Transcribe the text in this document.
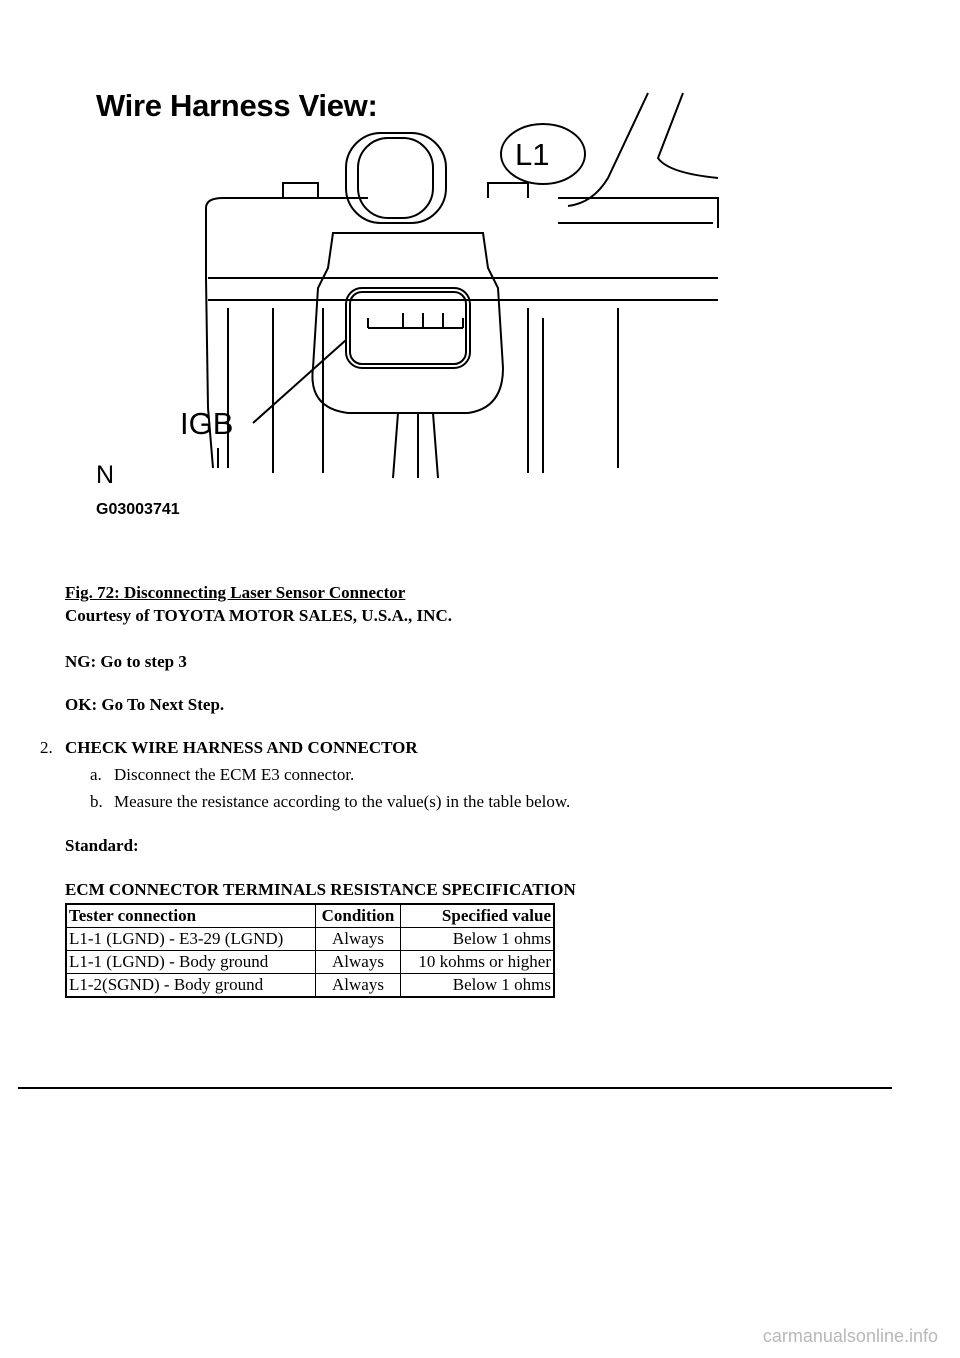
Wire Harness View:
L1
IGB
N
G03003741
Fig. 72: Disconnecting Laser Sensor Connector
Courtesy of TOYOTA MOTOR SALES, U.S.A., INC.
NG: Go to step 3
OK: Go To Next Step.
2. CHECK WIRE HARNESS AND CONNECTOR
a. Disconnect the ECM E3 connector.
b. Measure the resistance according to the value(s) in the table below.
Standard:
ECM CONNECTOR TERMINALS RESISTANCE SPECIFICATION
Tester connection	Condition	Specified value
L1-1 (LGND) - E3-29 (LGND)	Always	Below 1 ohms
L1-1 (LGND) - Body ground	Always	10 kohms or higher
L1-2(SGND) - Body ground	Always	Below 1 ohms
carmanualsonline.info
